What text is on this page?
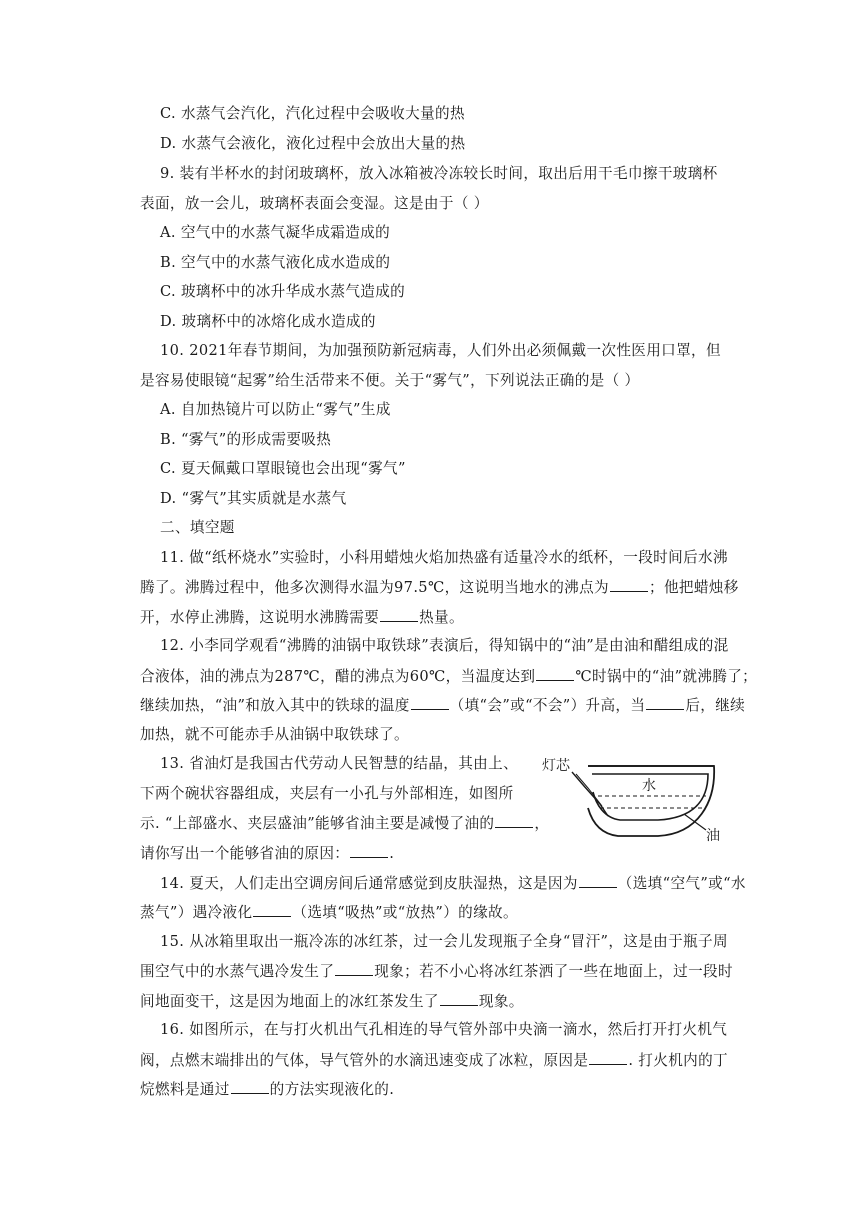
C. 水蒸气会汽化，汽化过程中会吸收大量的热
D. 水蒸气会液化，液化过程中会放出大量的热
9. 装有半杯水的封闭玻璃杯，放入冰箱被冷冻较长时间，取出后用干毛巾擦干玻璃杯
表面，放一会儿，玻璃杯表面会变湿。这是由于（ ）
A. 空气中的水蒸气凝华成霜造成的
B. 空气中的水蒸气液化成水造成的
C. 玻璃杯中的冰升华成水蒸气造成的
D. 玻璃杯中的冰熔化成水造成的
10. 2021年春节期间，为加强预防新冠病毒，人们外出必须佩戴一次性医用口罩，但
是容易使眼镜“起雾”给生活带来不便。关于“雾气”，下列说法正确的是（ ）
A. 自加热镜片可以防止“雾气”生成
B. “雾气”的形成需要吸热
C. 夏天佩戴口罩眼镜也会出现“雾气”
D. “雾气”其实质就是水蒸气
二、填空题
11. 做“纸杯烧水”实验时，小科用蜡烛火焰加热盛有适量冷水的纸杯，一段时间后水沸
腾了。沸腾过程中，他多次测得水温为97.5℃，这说明当地水的沸点为	；他把蜡烛移
开，水停止沸腾，这说明水沸腾需要	热量。
12. 小李同学观看“沸腾的油锅中取铁球”表演后，得知锅中的“油”是由油和醋组成的混
合液体，油的沸点为287℃，醋的沸点为60℃，当温度达到	℃时锅中的“油”就沸腾了；
继续加热，“油”和放入其中的铁球的温度	（填“会”或“不会”）升高，当	后，继续
加热，就不可能赤手从油锅中取铁球了。
13. 省油灯是我国古代劳动人民智慧的结晶，其由上、
下两个碗状容器组成，夹层有一小孔与外部相连，如图所
示. “上部盛水、夹层盛油”能够省油主要是减慢了油的	，
请你写出一个能够省油的原因：	.
灯芯
水
油
14. 夏天，人们走出空调房间后通常感觉到皮肤湿热，这是因为	（选填“空气”或“水
蒸气”）遇冷液化	（选填“吸热”或“放热”）的缘故。
15. 从冰箱里取出一瓶冷冻的冰红茶，过一会儿发现瓶子全身“冒汗”，这是由于瓶子周
围空气中的水蒸气遇冷发生了	现象；若不小心将冰红茶洒了一些在地面上，过一段时
间地面变干，这是因为地面上的冰红茶发生了	现象。
16. 如图所示，在与打火机出气孔相连的导气管外部中央滴一滴水，然后打开打火机气
阀，点燃末端排出的气体，导气管外的水滴迅速变成了冰粒，原因是	. 打火机内的丁
烷燃料是通过	的方法实现液化的.
